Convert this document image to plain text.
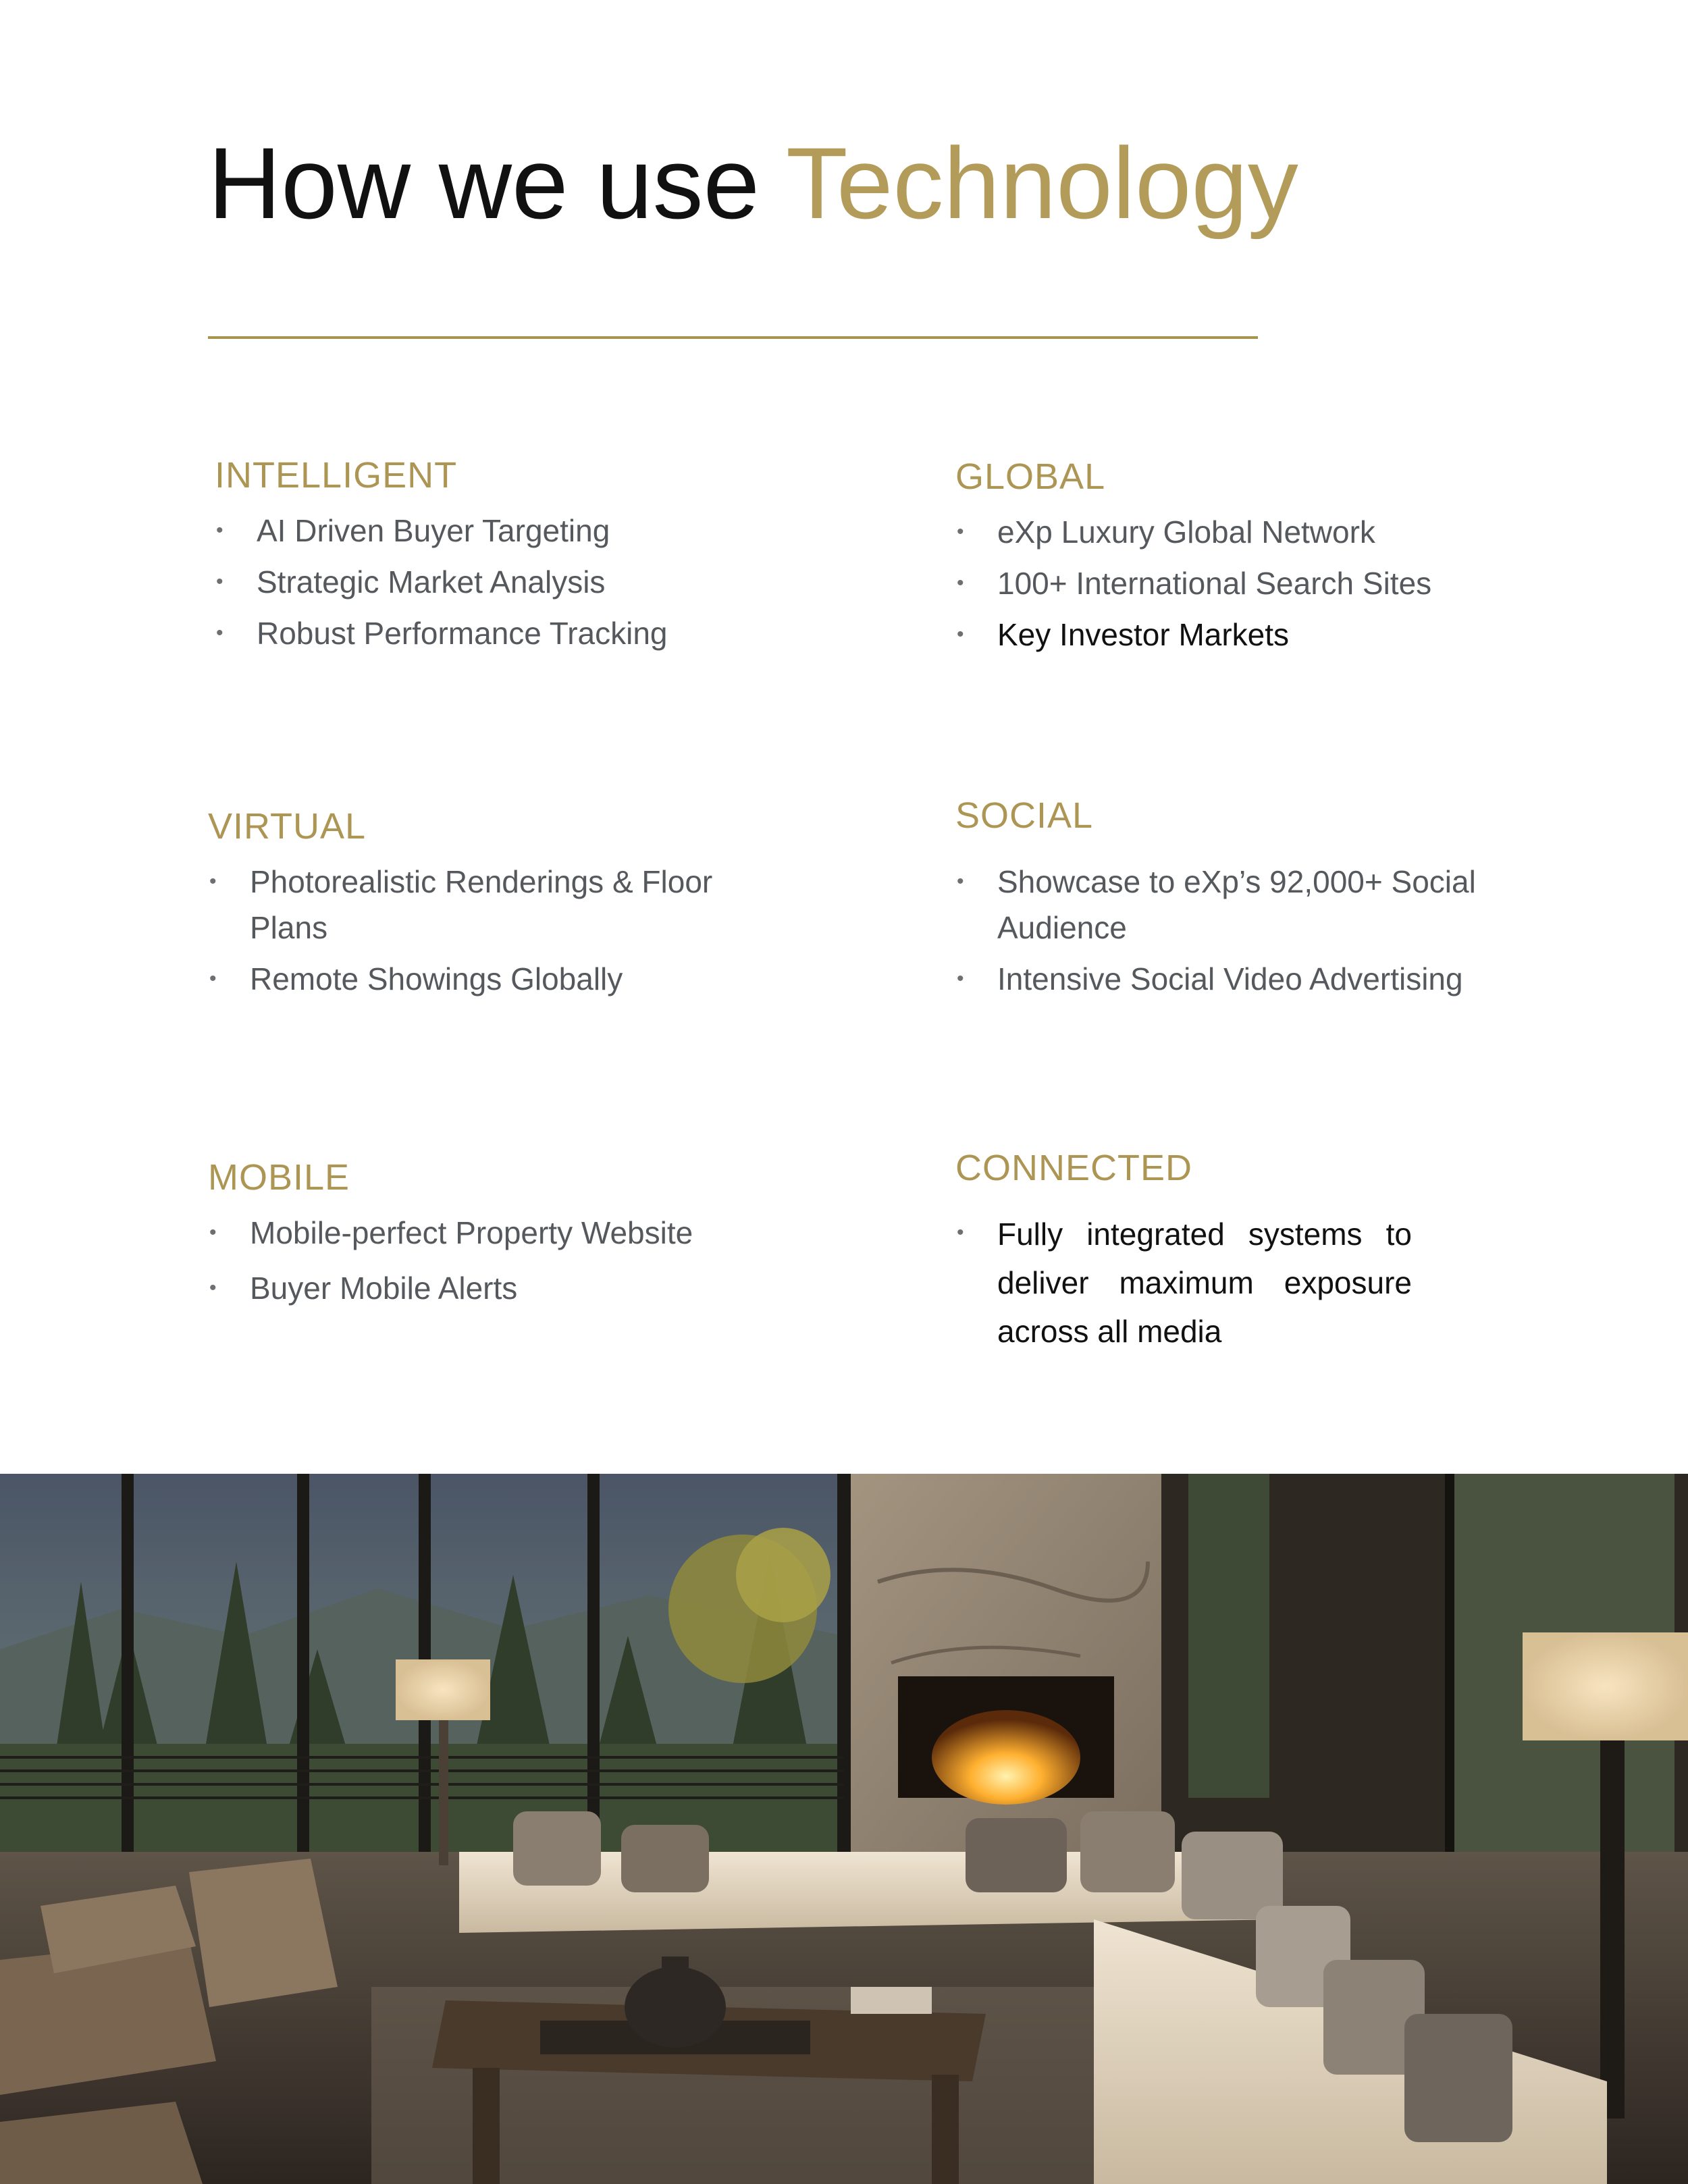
How we use Technology
INTELLIGENT
• AI Driven Buyer Targeting
• Strategic Market Analysis
• Robust Performance Tracking
GLOBAL
• eXp Luxury Global Network
• 100+ International Search Sites
• Key Investor Markets
VIRTUAL
• Photorealistic Renderings & Floor Plans
• Remote Showings Globally
SOCIAL
• Showcase to eXp’s 92,000+ Social Audience
• Intensive Social Video Advertising
MOBILE
• Mobile-perfect Property Website
• Buyer Mobile Alerts
CONNECTED
• Fully integrated systems to deliver maximum exposure across all media
